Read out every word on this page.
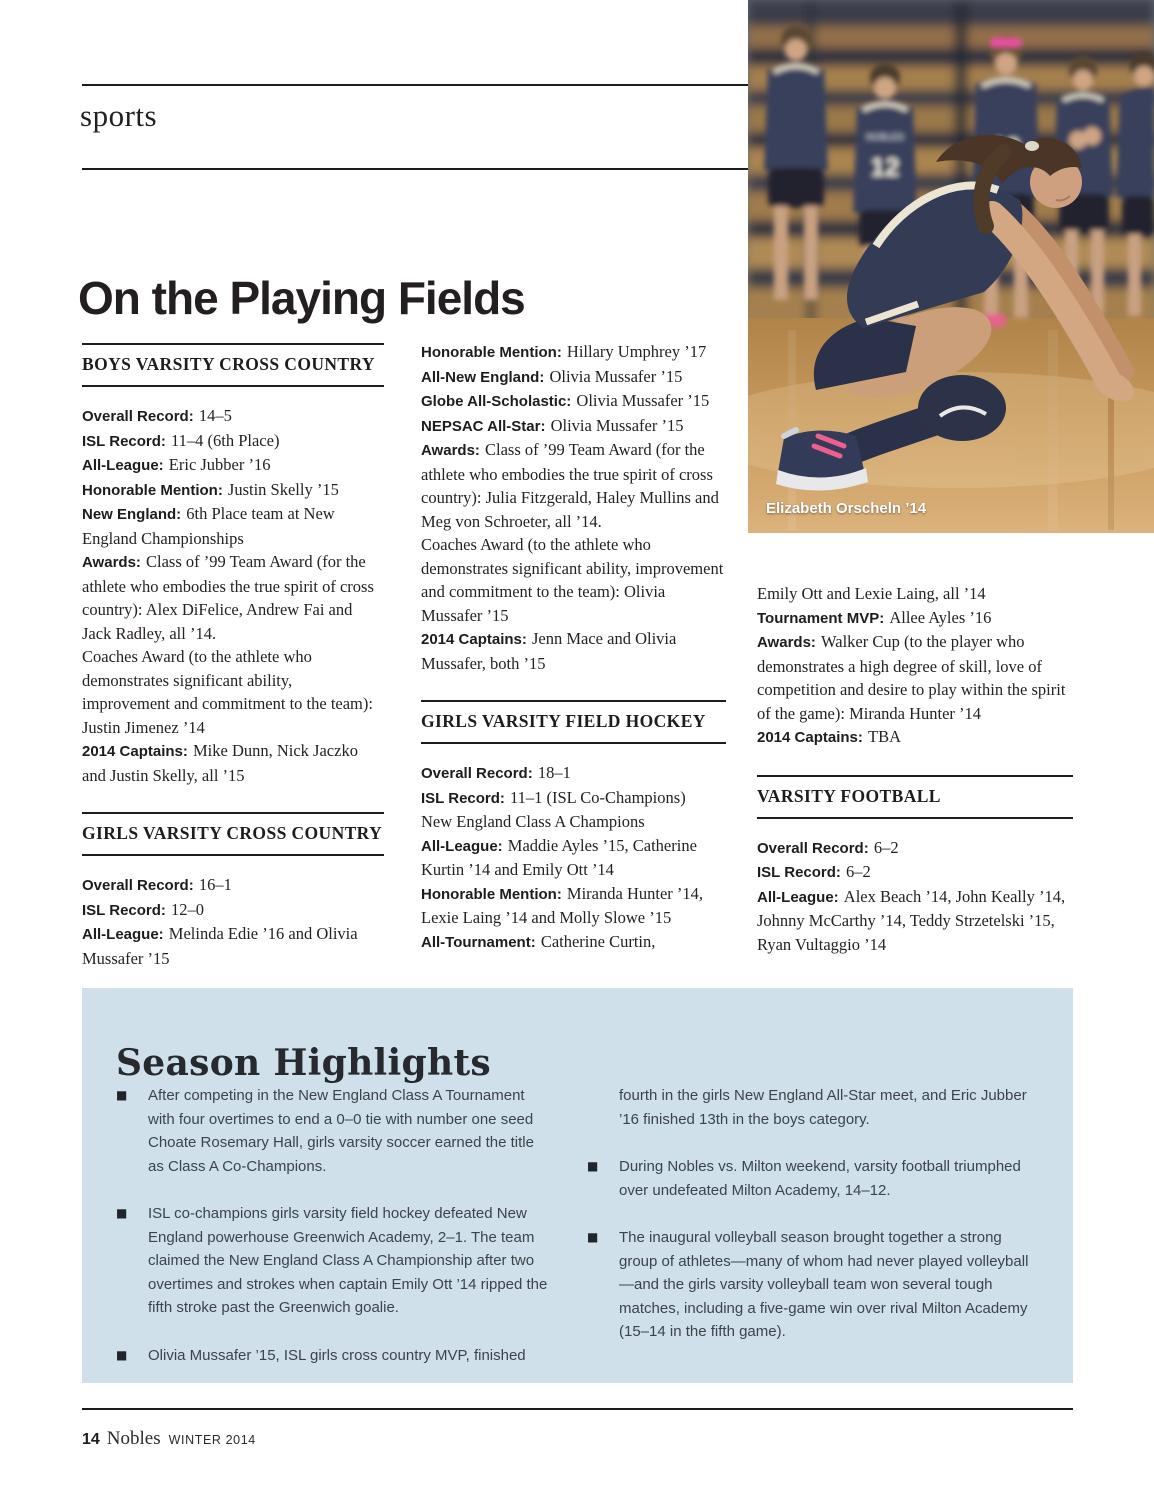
sports
12
NOBLES
Elizabeth Orscheln ’14
On the Playing Fields
BOYS VARSITY CROSS COUNTRY

Overall Record: 14–5

ISL Record: 11–4 (6th Place)

All-League: Eric Jubber ’16

Honorable Mention: Justin Skelly ’15

New England: 6th Place team at New England Championships

Awards: Class of ’99 Team Award (for the athlete who embodies the true spirit of cross country): Alex DiFelice, Andrew Fai and Jack Radley, all ’14.

Coaches Award (to the athlete who demonstrates significant ability, improvement and commitment to the team): Justin Jimenez ’14

2014 Captains: Mike Dunn, Nick Jaczko and Justin Skelly, all ’15

GIRLS VARSITY CROSS COUNTRY

Overall Record: 16–1

ISL Record: 12–0

All-League: Melinda Edie ’16 and Olivia Mussafer ’15

Honorable Mention: Hillary Umphrey ’17

All-New England: Olivia Mussafer ’15

Globe All-Scholastic: Olivia Mussafer ’15

NEPSAC All-Star: Olivia Mussafer ’15

Awards: Class of ’99 Team Award (for the athlete who embodies the true spirit of cross country): Julia Fitzgerald, Haley Mullins and Meg von Schroeter, all ’14.

Coaches Award (to the athlete who demonstrates significant ability, improvement and commitment to the team): Olivia Mussafer ’15

2014 Captains: Jenn Mace and Olivia Mussafer, both ’15

GIRLS VARSITY FIELD HOCKEY

Overall Record: 18–1

ISL Record: 11–1 (ISL Co-Champions)

New England Class A Champions

All-League: Maddie Ayles ’15, Catherine Kurtin ’14 and Emily Ott ’14

Honorable Mention: Miranda Hunter ’14, Lexie Laing ’14 and Molly Slowe ’15

All-Tournament: Catherine Curtin,

Emily Ott and Lexie Laing, all ’14

Tournament MVP: Allee Ayles ’16

Awards: Walker Cup (to the player who demonstrates a high degree of skill, love of competition and desire to play within the spirit of the game): Miranda Hunter ’14

2014 Captains: TBA

VARSITY FOOTBALL

Overall Record: 6–2

ISL Record: 6–2

All-League: Alex Beach ’14, John Keally ’14, Johnny McCarthy ’14, Teddy Strzetelski ’15, Ryan Vultaggio ’14

Season Highlights
■	After competing in the New England Class A Tournament with four overtimes to end a 0–0 tie with number one seed Choate Rosemary Hall, girls varsity soccer earned the title as Class A Co-Champions.
■	ISL co-champions girls varsity field hockey defeated New England powerhouse Greenwich Academy, 2–1. The team claimed the New England Class A Championship after two overtimes and strokes when captain Emily Ott ’14 ripped the fifth stroke past the Greenwich goalie.
■	Olivia Mussafer ’15, ISL girls cross country MVP, finished
fourth in the girls New England All-Star meet, and Eric Jubber ’16 finished 13th in the boys category.
■	During Nobles vs. Milton weekend, varsity football triumphed over undefeated Milton Academy, 14–12.
■	The inaugural volleyball season brought together a strong group of athletes—many of whom had never played volleyball—and the girls varsity volleyball team won several tough matches, including a five-game win over rival Milton Academy (15–14 in the fifth game).
14 Nobles WINTER 2014
